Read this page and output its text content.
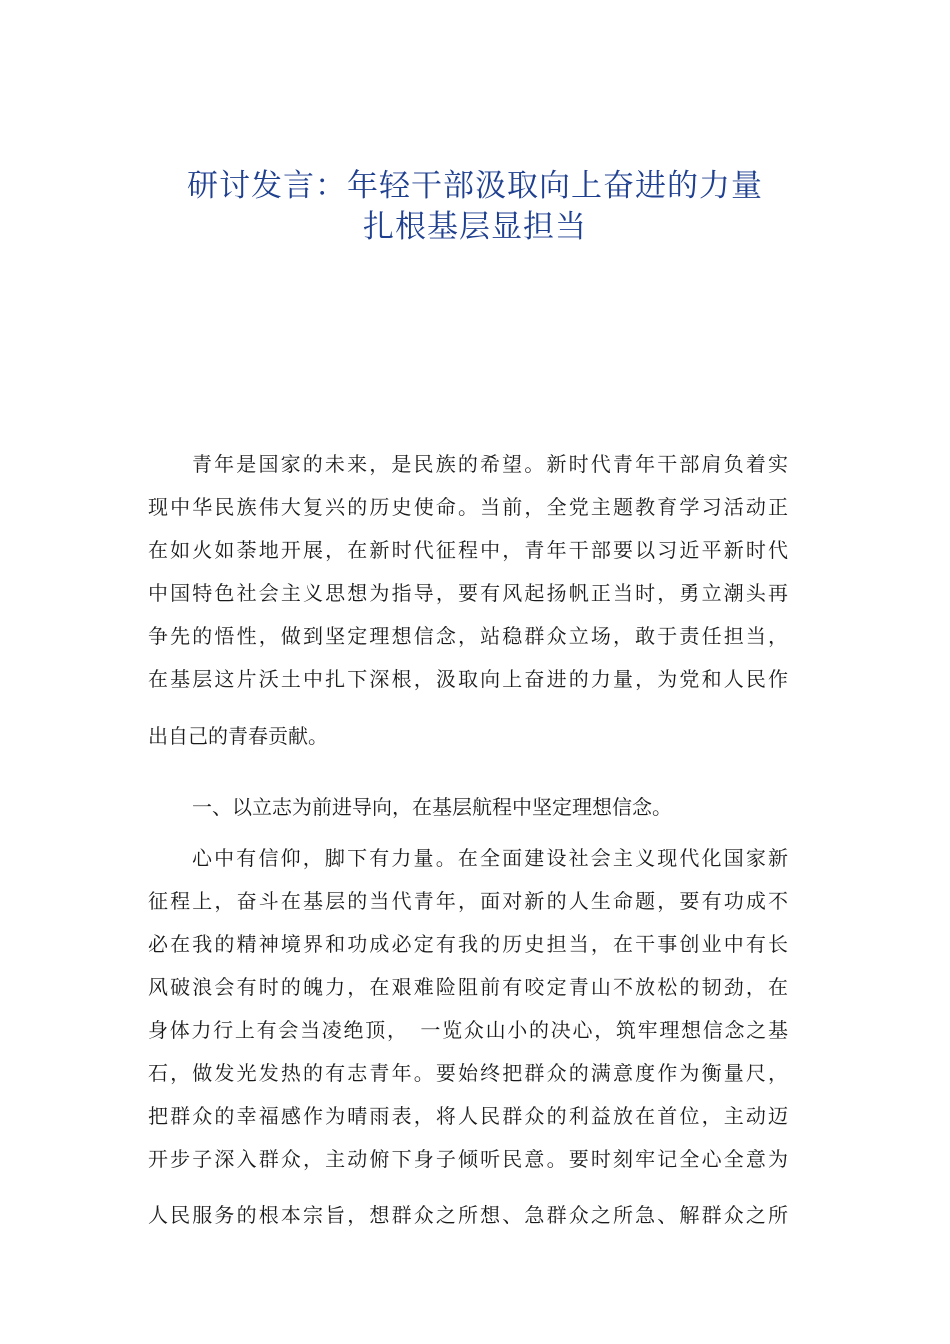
研讨发言：年轻干部汲取向上奋进的力量
扎根基层显担当
青年是国家的未来，是民族的希望。新时代青年干部肩负着实
现中华民族伟大复兴的历史使命。当前，全党主题教育学习活动正
在如火如荼地开展，在新时代征程中，青年干部要以习近平新时代
中国特色社会主义思想为指导，要有风起扬帆正当时，勇立潮头再
争先的悟性，做到坚定理想信念，站稳群众立场，敢于责任担当，
在基层这片沃土中扎下深根，汲取向上奋进的力量，为党和人民作
出自己的青春贡献。
一、以立志为前进导向，在基层航程中坚定理想信念。
心中有信仰，脚下有力量。在全面建设社会主义现代化国家新
征程上，奋斗在基层的当代青年，面对新的人生命题，要有功成不
必在我的精神境界和功成必定有我的历史担当，在干事创业中有长
风破浪会有时的魄力，在艰难险阻前有咬定青山不放松的韧劲，在
身体力行上有会当凌绝顶，　一览众山小的决心，筑牢理想信念之基
石，做发光发热的有志青年。要始终把群众的满意度作为衡量尺，
把群众的幸福感作为晴雨表，将人民群众的利益放在首位，主动迈
开步子深入群众，主动俯下身子倾听民意。要时刻牢记全心全意为
人民服务的根本宗旨，想群众之所想、急群众之所急、解群众之所
